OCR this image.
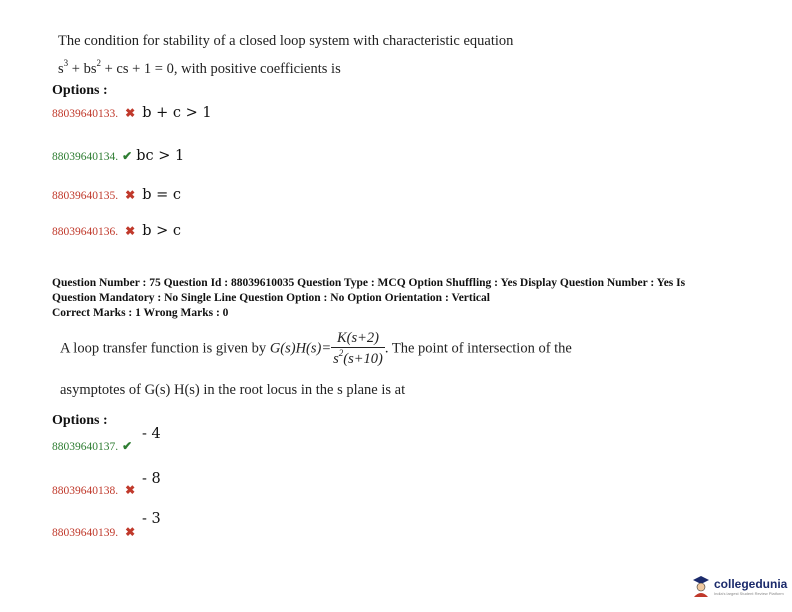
The condition for stability of a closed loop system with characteristic equation
$s^3 + bs^2$ + cs + 1 = 0, with positive coefficients is
Options :
88039640133.  ✖  b + c > 1
88039640134. ✔ bc > 1
88039640135.  ✖  b = c
88039640136.  ✖  b > c
Question Number : 75 Question Id : 88039610035 Question Type : MCQ Option Shuffling : Yes Display Question Number : Yes Is
Question Mandatory : No Single Line Question Option : No Option Orientation : Vertical
Correct Marks : 1 Wrong Marks : 0
A loop transfer function is given by $G(s)H(s)= \frac{K(s+2)}{s^2(s+10)}$ . The point of intersection of the
asymptotes of G(s) H(s) in the root locus in the s plane is at
Options :
88039640137. ✔
- 4
88039640138.  ✖
- 8
88039640139.  ✖
- 3
collegedunia
India's largest Student Review Platform
